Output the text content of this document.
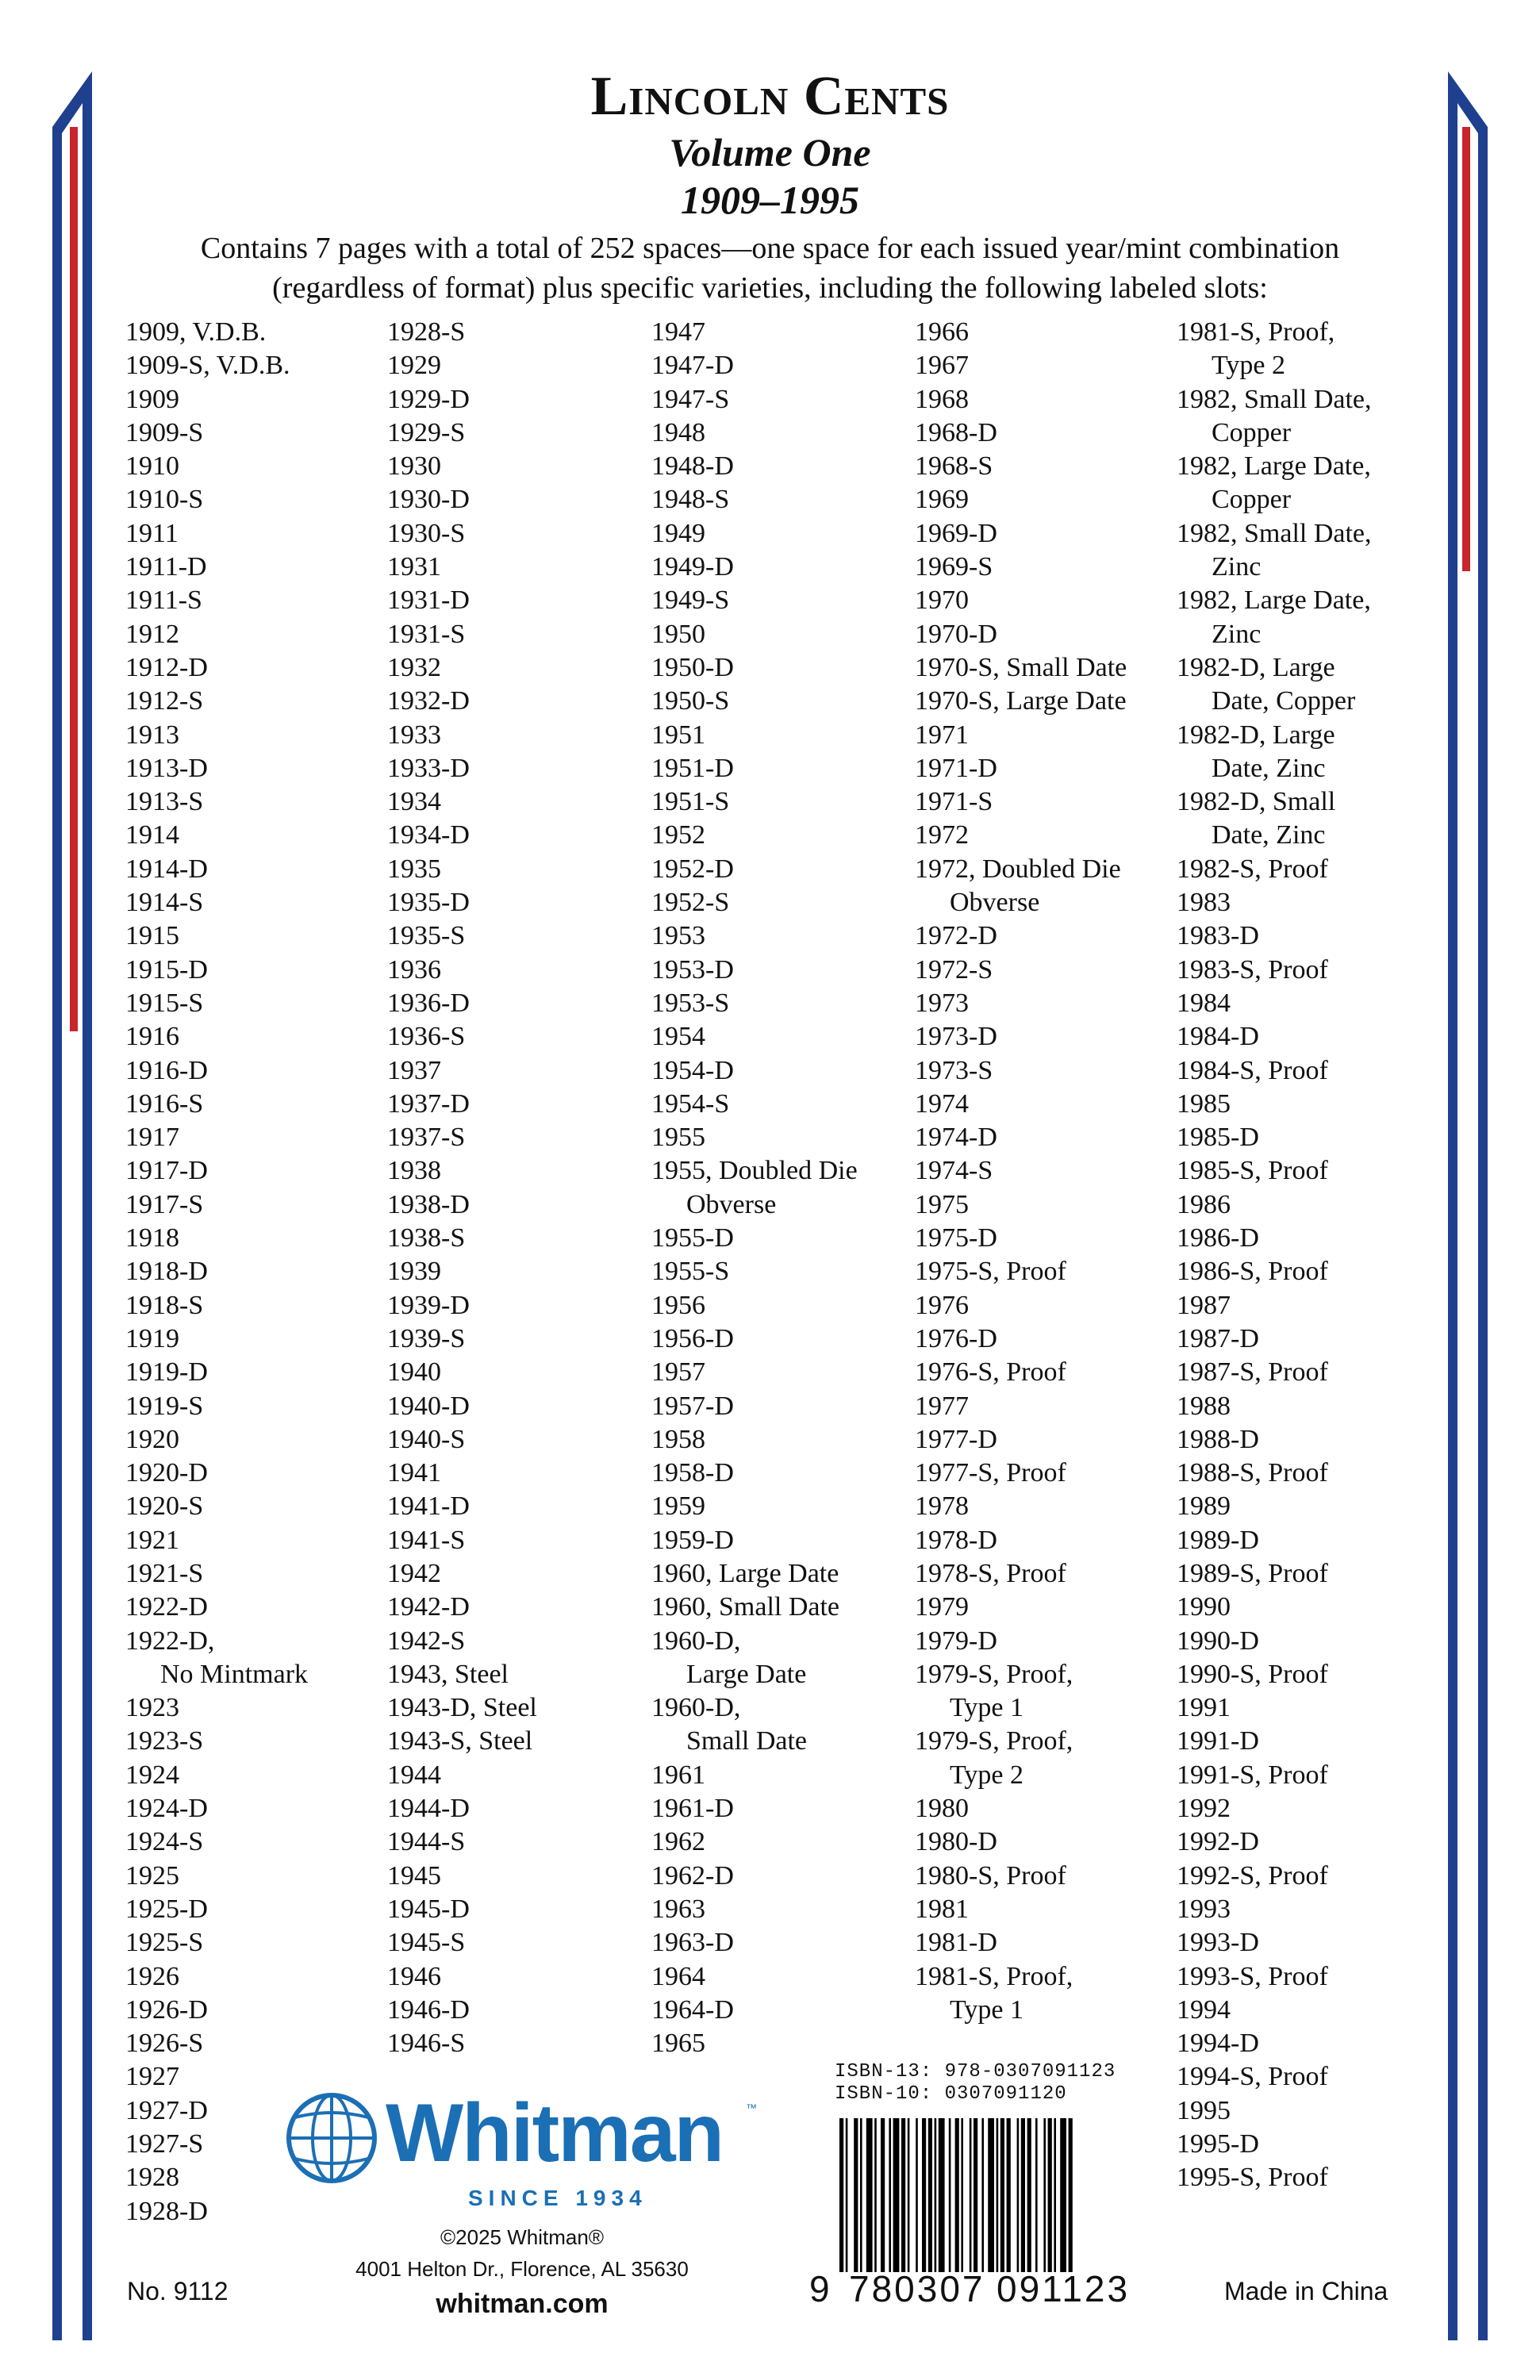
Lincoln Cents
Volume One
1909–1995
Contains 7 pages with a total of 252 spaces—one space for each issued year/mint combination
(regardless of format) plus specific varieties, including the following labeled slots:
1909, V.D.B.
1909-S, V.D.B.
1909
1909-S
1910
1910-S
1911
1911-D
1911-S
1912
1912-D
1912-S
1913
1913-D
1913-S
1914
1914-D
1914-S
1915
1915-D
1915-S
1916
1916-D
1916-S
1917
1917-D
1917-S
1918
1918-D
1918-S
1919
1919-D
1919-S
1920
1920-D
1920-S
1921
1921-S
1922-D
1922-D,
No Mintmark
1923
1923-S
1924
1924-D
1924-S
1925
1925-D
1925-S
1926
1926-D
1926-S
1927
1927-D
1927-S
1928
1928-D
1928-S
1929
1929-D
1929-S
1930
1930-D
1930-S
1931
1931-D
1931-S
1932
1932-D
1933
1933-D
1934
1934-D
1935
1935-D
1935-S
1936
1936-D
1936-S
1937
1937-D
1937-S
1938
1938-D
1938-S
1939
1939-D
1939-S
1940
1940-D
1940-S
1941
1941-D
1941-S
1942
1942-D
1942-S
1943, Steel
1943-D, Steel
1943-S, Steel
1944
1944-D
1944-S
1945
1945-D
1945-S
1946
1946-D
1946-S
1947
1947-D
1947-S
1948
1948-D
1948-S
1949
1949-D
1949-S
1950
1950-D
1950-S
1951
1951-D
1951-S
1952
1952-D
1952-S
1953
1953-D
1953-S
1954
1954-D
1954-S
1955
1955, Doubled Die
Obverse
1955-D
1955-S
1956
1956-D
1957
1957-D
1958
1958-D
1959
1959-D
1960, Large Date
1960, Small Date
1960-D,
Large Date
1960-D,
Small Date
1961
1961-D
1962
1962-D
1963
1963-D
1964
1964-D
1965
1966
1967
1968
1968-D
1968-S
1969
1969-D
1969-S
1970
1970-D
1970-S, Small Date
1970-S, Large Date
1971
1971-D
1971-S
1972
1972, Doubled Die
Obverse
1972-D
1972-S
1973
1973-D
1973-S
1974
1974-D
1974-S
1975
1975-D
1975-S, Proof
1976
1976-D
1976-S, Proof
1977
1977-D
1977-S, Proof
1978
1978-D
1978-S, Proof
1979
1979-D
1979-S, Proof,
Type 1
1979-S, Proof,
Type 2
1980
1980-D
1980-S, Proof
1981
1981-D
1981-S, Proof,
Type 1
1981-S, Proof,
Type 2
1982, Small Date,
Copper
1982, Large Date,
Copper
1982, Small Date,
Zinc
1982, Large Date,
Zinc
1982-D, Large
Date, Copper
1982-D, Large
Date, Zinc
1982-D, Small
Date, Zinc
1982-S, Proof
1983
1983-D
1983-S, Proof
1984
1984-D
1984-S, Proof
1985
1985-D
1985-S, Proof
1986
1986-D
1986-S, Proof
1987
1987-D
1987-S, Proof
1988
1988-D
1988-S, Proof
1989
1989-D
1989-S, Proof
1990
1990-D
1990-S, Proof
1991
1991-D
1991-S, Proof
1992
1992-D
1992-S, Proof
1993
1993-D
1993-S, Proof
1994
1994-D
1994-S, Proof
1995
1995-D
1995-S, Proof
Whitman ™
SINCE 1934
©2025 Whitman®
4001 Helton Dr., Florence, AL 35630
whitman.com
No. 9112	Made in China
ISBN-13: 978-0307091123
ISBN-10: 0307091120
9 780307 091123
